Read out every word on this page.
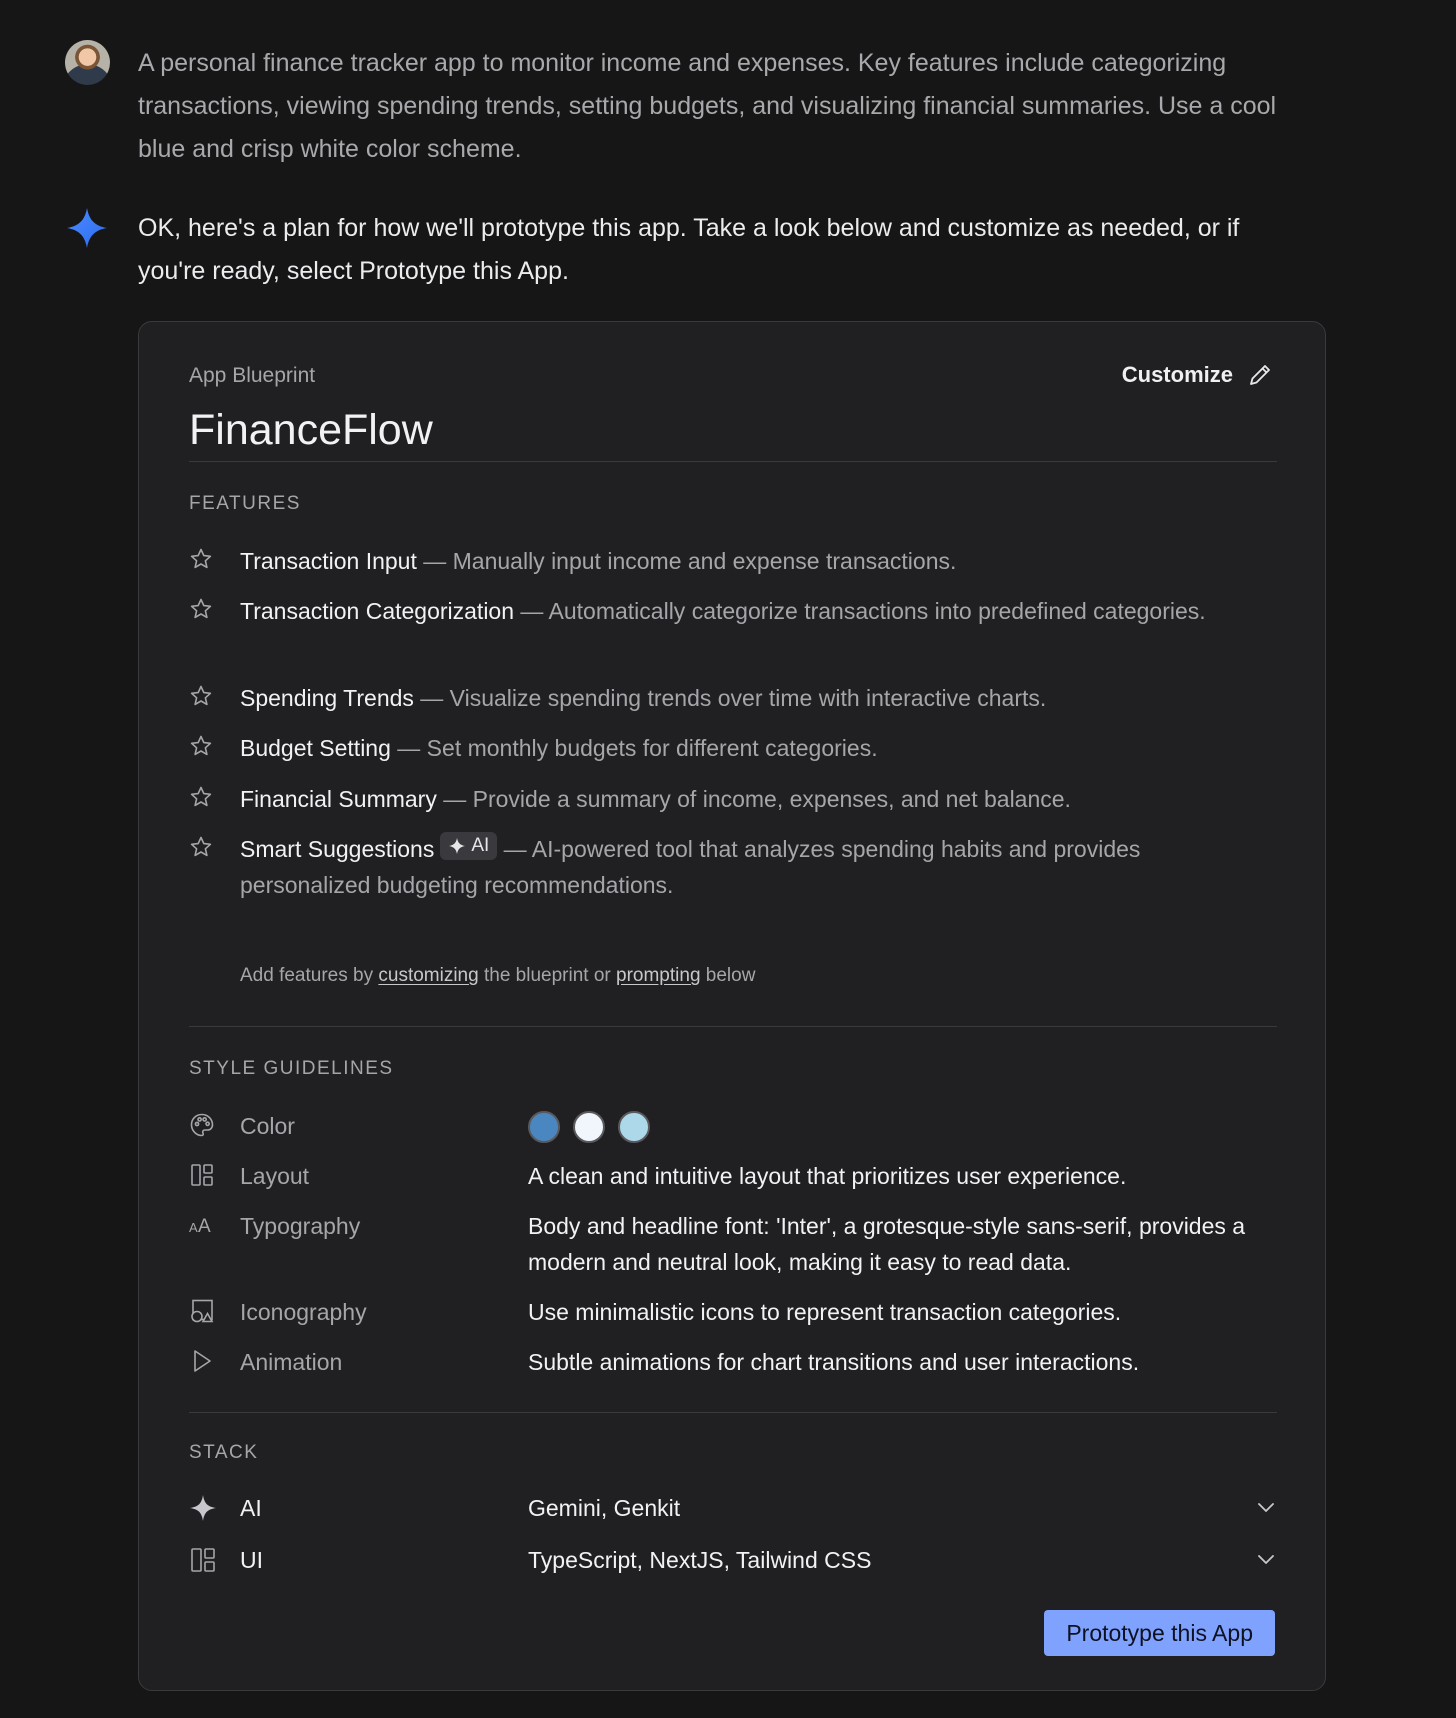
A personal finance tracker app to monitor income and expenses. Key features include categorizing transactions, viewing spending trends, setting budgets, and visualizing financial summaries. Use a cool blue and crisp white color scheme.

OK, here's a plan for how we'll prototype this app. Take a look below and customize as needed, or if you're ready, select Prototype this App.

App Blueprint
FinanceFlow
Customize
FEATURES
Transaction Input — Manually input income and expense transactions.
Transaction Categorization — Automatically categorize transactions into predefined categories.
Spending Trends — Visualize spending trends over time with interactive charts.
Budget Setting — Set monthly budgets for different categories.
Financial Summary — Provide a summary of income, expenses, and net balance.
Smart Suggestions AI — AI-powered tool that analyzes spending habits and provides personalized budgeting recommendations.
Add features by customizing the blueprint or prompting below
STYLE GUIDELINES
Color
Layout	A clean and intuitive layout that prioritizes user experience.
A A Typography	Body and headline font: 'Inter', a grotesque-style sans-serif, provides a modern and neutral look, making it easy to read data.
Iconography	Use minimalistic icons to represent transaction categories.
Animation	Subtle animations for chart transitions and user interactions.
STACK
AI	Gemini, Genkit
UI	TypeScript, NextJS, Tailwind CSS
Prototype this App
